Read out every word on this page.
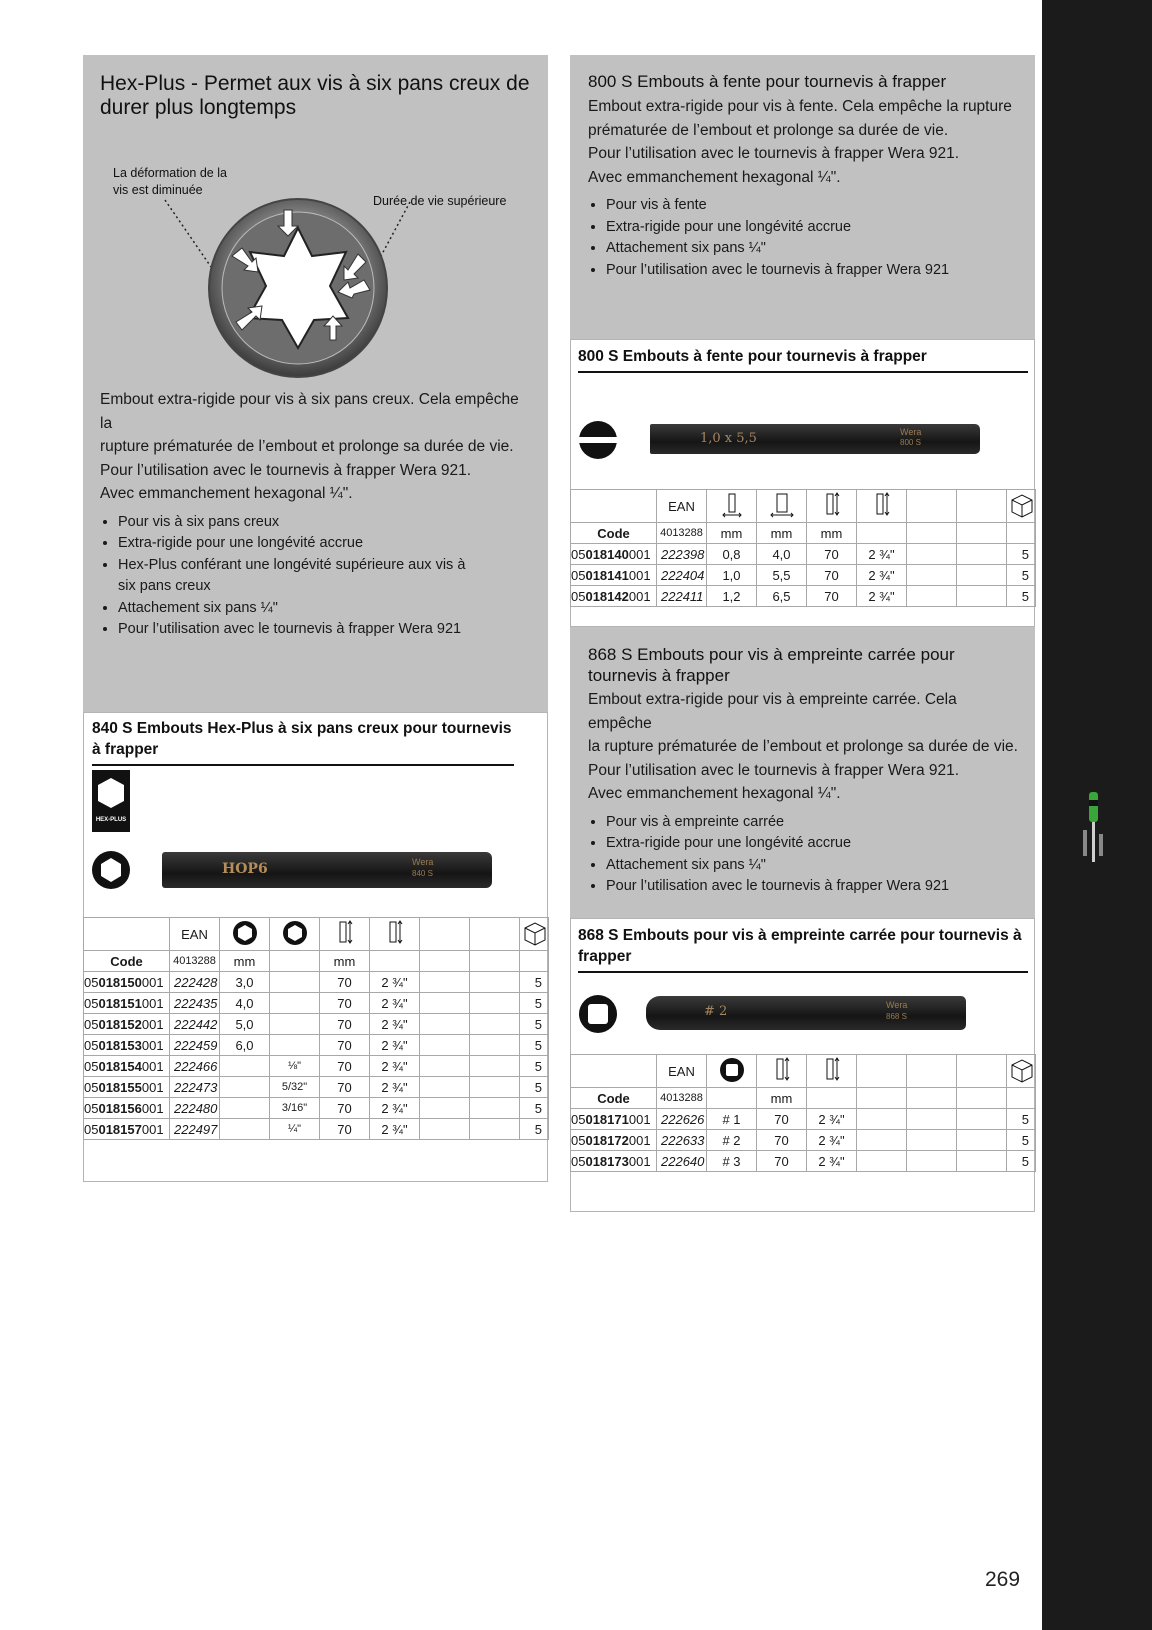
Hex-Plus - Permet aux vis à six pans creux de durer plus longtemps
La déformation de la vis est diminuée
Durée de vie supérieure
Embout extra-rigide pour vis à six pans creux. Cela empêche la
rupture prématurée de l’embout et prolonge sa durée de vie.
Pour l’utilisation avec le tournevis à frapper Wera 921.
Avec emmanchement hexagonal ¼".
• Pour vis à six pans creux
• Extra-rigide pour une longévité accrue
• Hex-Plus conférant une longévité supérieure aux vis à
six pans creux
• Attachement six pans ¼"
• Pour l’utilisation avec le tournevis à frapper Wera 921
840 S Embouts Hex-Plus à six pans creux pour tournevis à frapper
HEX-PLUS
HOP6	Wera
840 S
	EAN							
Code	4013288	mm		mm				
05018150001	222428	3,0		70	2 ¾"			5
05018151001	222435	4,0		70	2 ¾"			5
05018152001	222442	5,0		70	2 ¾"			5
05018153001	222459	6,0		70	2 ¾"			5
05018154001	222466		⅛"	70	2 ¾"			5
05018155001	222473		5/32"	70	2 ¾"			5
05018156001	222480		3/16"	70	2 ¾"			5
05018157001	222497		¼"	70	2 ¾"			5
800 S Embouts à fente pour tournevis à frapper
Embout extra-rigide pour vis à fente. Cela empêche la rupture
prématurée de l’embout et prolonge sa durée de vie.
Pour l’utilisation avec le tournevis à frapper Wera 921.
Avec emmanchement hexagonal ¼".
• Pour vis à fente
• Extra-rigide pour une longévité accrue
• Attachement six pans ¼"
• Pour l’utilisation avec le tournevis à frapper Wera 921
800 S Embouts à fente pour tournevis à frapper
1,0 x 5,5	Wera
800 S
	EAN							
Code	4013288	mm	mm	mm				
05018140001	222398	0,8	4,0	70	2 ¾"			5
05018141001	222404	1,0	5,5	70	2 ¾"			5
05018142001	222411	1,2	6,5	70	2 ¾"			5
868 S Embouts pour vis à empreinte carrée pour tournevis à frapper
Embout extra-rigide pour vis à empreinte carrée. Cela empêche
la rupture prématurée de l’embout et prolonge sa durée de vie.
Pour l’utilisation avec le tournevis à frapper Wera 921.
Avec emmanchement hexagonal ¼".
• Pour vis à empreinte carrée
• Extra-rigide pour une longévité accrue
• Attachement six pans ¼"
• Pour l’utilisation avec le tournevis à frapper Wera 921
868 S Embouts pour vis à empreinte carrée pour tournevis à frapper
# 2	Wera
868 S
	EAN							
Code	4013288		mm					
05018171001	222626	# 1	70	2 ¾"				5
05018172001	222633	# 2	70	2 ¾"				5
05018173001	222640	# 3	70	2 ¾"				5
269
